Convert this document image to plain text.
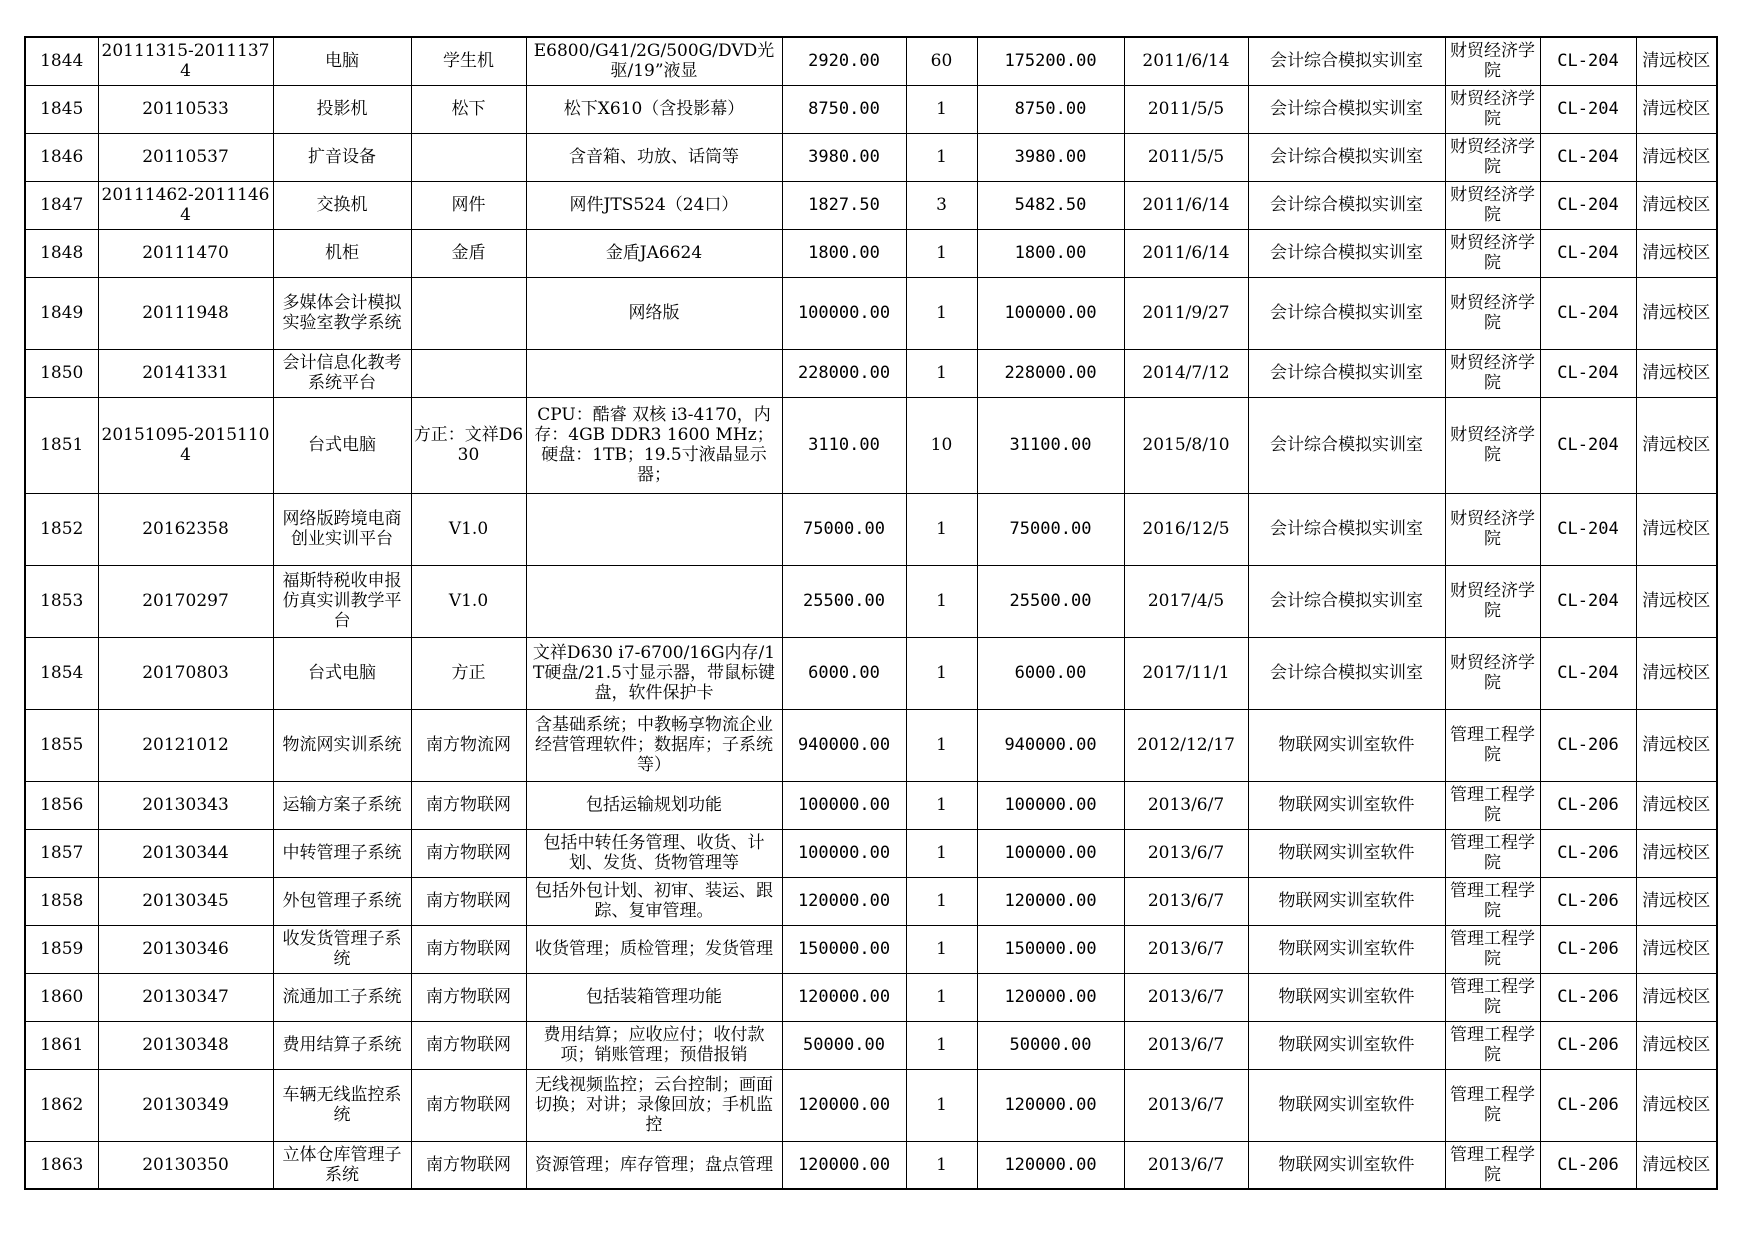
1844	20111315-20111374	电脑	学生机	E6800/G41/2G/500G/DVD光驱/19”液显	2920.00	60	175200.00	2011/6/14	会计综合模拟实训室	财贸经济学院	CL-204	清远校区
1845	20110533	投影机	松下	松下X610（含投影幕）	8750.00	1	8750.00	2011/5/5	会计综合模拟实训室	财贸经济学院	CL-204	清远校区
1846	20110537	扩音设备		含音箱、功放、话筒等	3980.00	1	3980.00	2011/5/5	会计综合模拟实训室	财贸经济学院	CL-204	清远校区
1847	20111462-20111464	交换机	网件	网件JTS524（24口）	1827.50	3	5482.50	2011/6/14	会计综合模拟实训室	财贸经济学院	CL-204	清远校区
1848	20111470	机柜	金盾	金盾JA6624	1800.00	1	1800.00	2011/6/14	会计综合模拟实训室	财贸经济学院	CL-204	清远校区
1849	20111948	多媒体会计模拟实验室教学系统		网络版	100000.00	1	100000.00	2011/9/27	会计综合模拟实训室	财贸经济学院	CL-204	清远校区
1850	20141331	会计信息化教考系统平台			228000.00	1	228000.00	2014/7/12	会计综合模拟实训室	财贸经济学院	CL-204	清远校区
1851	20151095-20151104	台式电脑	方正：文祥D630	CPU：酷睿 双核 i3-4170，内存：4GB DDR3 1600 MHz；硬盘：1TB；19.5寸液晶显示器；	3110.00	10	31100.00	2015/8/10	会计综合模拟实训室	财贸经济学院	CL-204	清远校区
1852	20162358	网络版跨境电商创业实训平台	V1.0		75000.00	1	75000.00	2016/12/5	会计综合模拟实训室	财贸经济学院	CL-204	清远校区
1853	20170297	福斯特税收申报仿真实训教学平台	V1.0		25500.00	1	25500.00	2017/4/5	会计综合模拟实训室	财贸经济学院	CL-204	清远校区
1854	20170803	台式电脑	方正	文祥D630 i7-6700/16G内存/1T硬盘/21.5寸显示器，带鼠标键盘，软件保护卡	6000.00	1	6000.00	2017/11/1	会计综合模拟实训室	财贸经济学院	CL-204	清远校区
1855	20121012	物流网实训系统	南方物流网	含基础系统；中教畅享物流企业经营管理软件；数据库；子系统等）	940000.00	1	940000.00	2012/12/17	物联网实训室软件	管理工程学院	CL-206	清远校区
1856	20130343	运输方案子系统	南方物联网	包括运输规划功能	100000.00	1	100000.00	2013/6/7	物联网实训室软件	管理工程学院	CL-206	清远校区
1857	20130344	中转管理子系统	南方物联网	包括中转任务管理、收货、计划、发货、货物管理等	100000.00	1	100000.00	2013/6/7	物联网实训室软件	管理工程学院	CL-206	清远校区
1858	20130345	外包管理子系统	南方物联网	包括外包计划、初审、装运、跟踪、复审管理。	120000.00	1	120000.00	2013/6/7	物联网实训室软件	管理工程学院	CL-206	清远校区
1859	20130346	收发货管理子系统	南方物联网	收货管理；质检管理；发货管理	150000.00	1	150000.00	2013/6/7	物联网实训室软件	管理工程学院	CL-206	清远校区
1860	20130347	流通加工子系统	南方物联网	包括装箱管理功能	120000.00	1	120000.00	2013/6/7	物联网实训室软件	管理工程学院	CL-206	清远校区
1861	20130348	费用结算子系统	南方物联网	费用结算；应收应付；收付款项；销账管理；预借报销	50000.00	1	50000.00	2013/6/7	物联网实训室软件	管理工程学院	CL-206	清远校区
1862	20130349	车辆无线监控系统	南方物联网	无线视频监控；云台控制；画面切换；对讲；录像回放；手机监控	120000.00	1	120000.00	2013/6/7	物联网实训室软件	管理工程学院	CL-206	清远校区
1863	20130350	立体仓库管理子系统	南方物联网	资源管理；库存管理；盘点管理	120000.00	1	120000.00	2013/6/7	物联网实训室软件	管理工程学院	CL-206	清远校区
